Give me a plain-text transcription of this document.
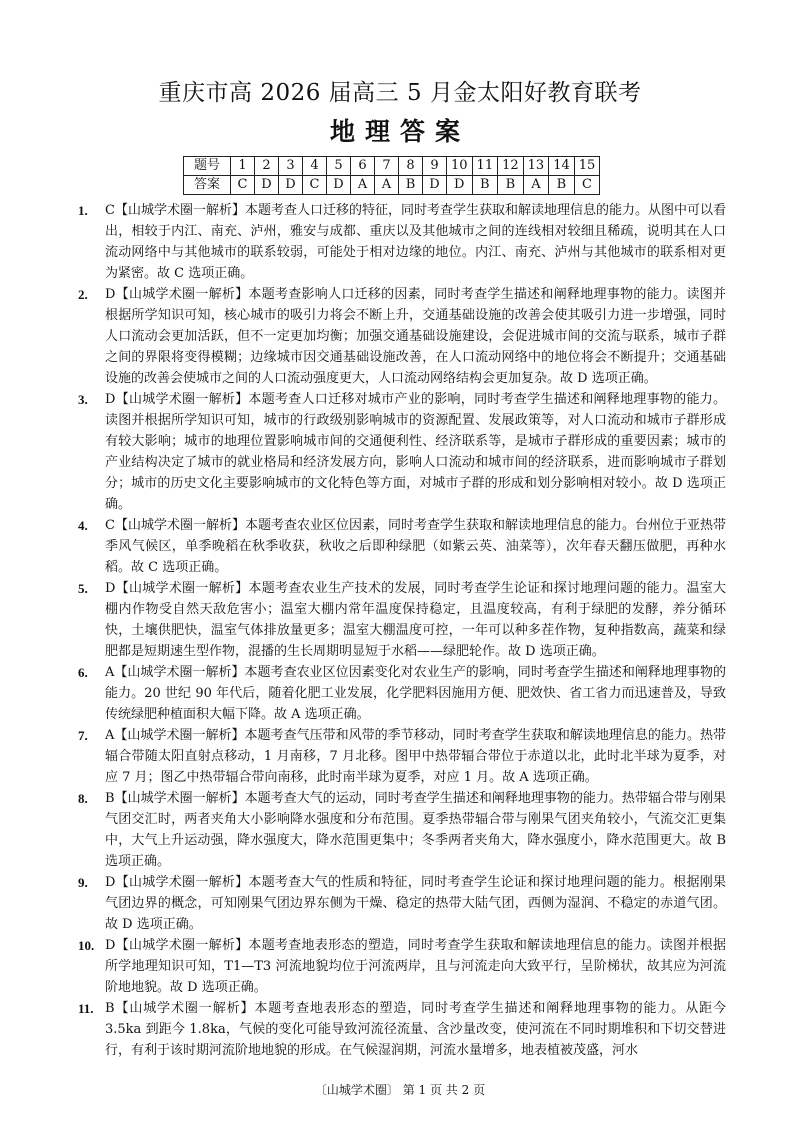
重庆市高 2026 届高三 5 月金太阳好教育联考
地理答案
题号	1	2	3	4	5	6	7	8	9	10	11	12	13	14	15
答案	C	D	D	C	D	A	A	B	D	D	B	B	A	B	C
1. C【山城学术圈一解析】本题考查人口迁移的特征，同时考查学生获取和解读地理信息的能力。从图中可以看出，相较于内江、南充、泸州，雅安与成都、重庆以及其他城市之间的连线相对较细且稀疏，说明其在人口流动网络中与其他城市的联系较弱，可能处于相对边缘的地位。内江、南充、泸州与其他城市的联系相对更为紧密。故 C 选项正确。
2. D【山城学术圈一解析】本题考查影响人口迁移的因素，同时考查学生描述和阐释地理事物的能力。读图并根据所学知识可知，核心城市的吸引力将会不断上升，交通基础设施的改善会使其吸引力进一步增强，同时人口流动会更加活跃，但不一定更加均衡；加强交通基础设施建设，会促进城市间的交流与联系，城市子群之间的界限将变得模糊；边缘城市因交通基础设施改善，在人口流动网络中的地位将会不断提升；交通基础设施的改善会使城市之间的人口流动强度更大，人口流动网络结构会更加复杂。故 D 选项正确。
3. D【山城学术圈一解析】本题考查人口迁移对城市产业的影响，同时考查学生描述和阐释地理事物的能力。读图并根据所学知识可知，城市的行政级别影响城市的资源配置、发展政策等，对人口流动和城市子群形成有较大影响；城市的地理位置影响城市间的交通便利性、经济联系等，是城市子群形成的重要因素；城市的产业结构决定了城市的就业格局和经济发展方向，影响人口流动和城市间的经济联系，进而影响城市子群划分；城市的历史文化主要影响城市的文化特色等方面，对城市子群的形成和划分影响相对较小。故 D 选项正确。
4. C【山城学术圈一解析】本题考查农业区位因素，同时考查学生获取和解读地理信息的能力。台州位于亚热带季风气候区，单季晚稻在秋季收获，秋收之后即种绿肥（如紫云英、油菜等），次年春天翻压做肥，再种水稻。故 C 选项正确。
5. D【山城学术圈一解析】本题考查农业生产技术的发展，同时考查学生论证和探讨地理问题的能力。温室大棚内作物受自然天敌危害小；温室大棚内常年温度保持稳定，且温度较高，有利于绿肥的发酵，养分循环快，土壤供肥快，温室气体排放量更多；温室大棚温度可控，一年可以种多茬作物，复种指数高，蔬菜和绿肥都是短期速生型作物，混播的生长周期明显短于水稻——绿肥轮作。故 D 选项正确。
6. A【山城学术圈一解析】本题考查农业区位因素变化对农业生产的影响，同时考查学生描述和阐释地理事物的能力。20 世纪 90 年代后，随着化肥工业发展，化学肥料因施用方便、肥效快、省工省力而迅速普及，导致传统绿肥种植面积大幅下降。故 A 选项正确。
7. A【山城学术圈一解析】本题考查气压带和风带的季节移动，同时考查学生获取和解读地理信息的能力。热带辐合带随太阳直射点移动，1 月南移，7 月北移。图甲中热带辐合带位于赤道以北，此时北半球为夏季，对应 7 月；图乙中热带辐合带向南移，此时南半球为夏季，对应 1 月。故 A 选项正确。
8. B【山城学术圈一解析】本题考查大气的运动，同时考查学生描述和阐释地理事物的能力。热带辐合带与刚果气团交汇时，两者夹角大小影响降水强度和分布范围。夏季热带辐合带与刚果气团夹角较小，气流交汇更集中，大气上升运动强，降水强度大，降水范围更集中；冬季两者夹角大，降水强度小，降水范围更大。故 B 选项正确。
9. D【山城学术圈一解析】本题考查大气的性质和特征，同时考查学生论证和探讨地理问题的能力。根据刚果气团边界的概念，可知刚果气团边界东侧为干燥、稳定的热带大陆气团，西侧为湿润、不稳定的赤道气团。故 D 选项正确。
10. D【山城学术圈一解析】本题考查地表形态的塑造，同时考查学生获取和解读地理信息的能力。读图并根据所学地理知识可知，T1—T3 河流地貌均位于河流两岸，且与河流走向大致平行，呈阶梯状，故其应为河流阶地地貌。故 D 选项正确。
11. B【山城学术圈一解析】本题考查地表形态的塑造，同时考查学生描述和阐释地理事物的能力。从距今 3.5ka 到距今 1.8ka，气候的变化可能导致河流径流量、含沙量改变，使河流在不同时期堆积和下切交替进行，有利于该时期河流阶地地貌的形成。在气候湿润期，河流水量增多，地表植被茂盛，河水
〔山城学术圈〕 第 1 页 共 2 页
